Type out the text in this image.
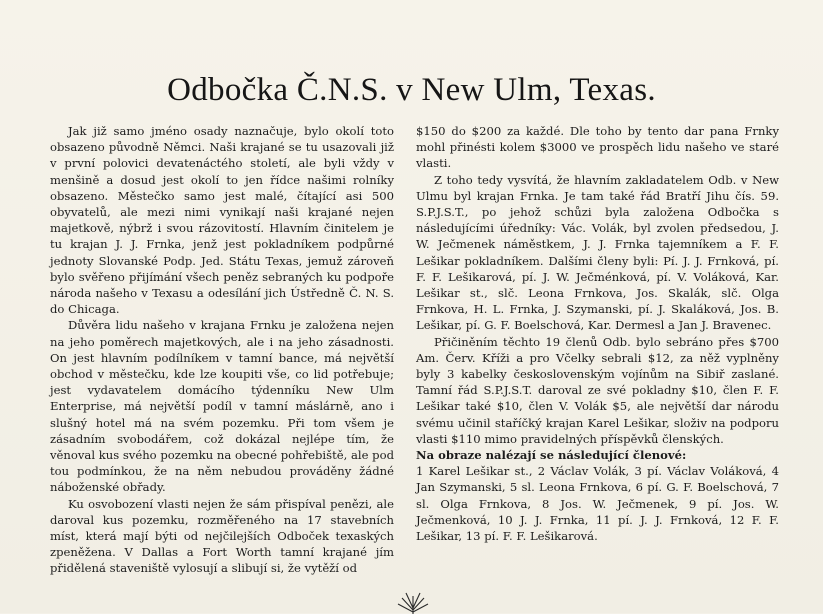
Odbočka Č.N.S. v New Ulm, Texas.

Jak již samo jméno osady naznačuje, bylo okolí toto obsazeno původně Němci. Naši krajané se tu usazovali již v první polovici devatenáctého století, ale byli vždy v menšině a dosud jest okolí to jen řídce našimi rolníky obsazeno. Městečko samo jest malé, čítající asi 500 obyvatelů, ale mezi nimi vynikají naši krajané nejen majetkově, nýbrž i svou rázovitostí. Hlavním činitelem je tu krajan J. J. Frnka, jenž jest pokladníkem podpůrné jednoty Slovanské Podp. Jed. Státu Texas, jemuž zároveň bylo svěřeno přijímání všech peněz sebraných ku podpoře národa našeho v Texasu a odesílání jich Ústředně Č. N. S. do Chicaga.

Důvěra lidu našeho v krajana Frnku je založena nejen na jeho poměrech majetkových, ale i na jeho zásadnosti. On jest hlavním podílníkem v tamní bance, má největší obchod v městečku, kde lze koupiti vše, co lid potřebuje; jest vydavatelem domácího týdenníku New Ulm Enterprise, má největší podíl v tamní máslárně, ano i slušný hotel má na svém pozemku. Při tom všem je zásadním svobodářem, což dokázal nejlépe tím, že věnoval kus svého pozemku na obecné pohřebiště, ale pod tou podmínkou, že na něm nebudou prováděny žádné náboženské obřady.

Ku osvobození vlasti nejen že sám přispíval penězi, ale daroval kus pozemku, rozměřeného na 17 stavebních míst, která mají býti od nejčilejších Odboček texaských zpeněžena. V Dallas a Fort Worth tamní krajané jím přidělená staveniště vylosují a slibují si, že vytěží od

$150 do $200 za každé. Dle toho by tento dar pana Frnky mohl přinésti kolem $3000 ve prospěch lidu našeho ve staré vlasti.

Z toho tedy vysvítá, že hlavním zakladatelem Odb. v New Ulmu byl krajan Frnka. Je tam také řád Bratří Jihu čís. 59. S.P.J.S.T., po jehož schůzi byla založena Odbočka s následujícími úředníky: Vác. Volák, byl zvolen předsedou, J. W. Ječmenek náměstkem, J. J. Frnka tajemníkem a F. F. Lešikar pokladníkem. Dalšími členy byli: Pí. J. J. Frnková, pí. F. F. Lešikarová, pí. J. W. Ječménková, pí. V. Voláková, Kar. Lešikar st., slč. Leona Frnkova, Jos. Skalák, slč. Olga Frnkova, H. L. Frnka, J. Szymanski, pí. J. Skaláková, Jos. B. Lešikar, pí. G. F. Boelschová, Kar. Dermesl a Jan J. Bravenec.

Přičiněním těchto 19 členů Odb. bylo sebráno přes $700 Am. Červ. Kříži a pro Včelky sebrali $12, za něž vyplněny byly 3 kabelky československým vojínům na Sibiř zaslané. Tamní řád S.P.J.S.T. daroval ze své pokladny $10, člen F. F. Lešikar také $10, člen V. Volák $5, ale největší dar národu svému učinil staříčký krajan Karel Lešikar, složiv na podporu vlasti $110 mimo pravidelných příspěvků členských.

Na obraze nalézají se následující členové:

1 Karel Lešikar st., 2 Václav Volák, 3 pí. Václav Voláková, 4 Jan Szymanski, 5 sl. Leona Frnkova, 6 pí. G. F. Boelschová, 7 sl. Olga Frnkova, 8 Jos. W. Ječmenek, 9 pí. Jos. W. Ječmenková, 10 J. J. Frnka, 11 pí. J. J. Frnková, 12 F. F. Lešikar, 13 pí. F. F. Lešikarová.
